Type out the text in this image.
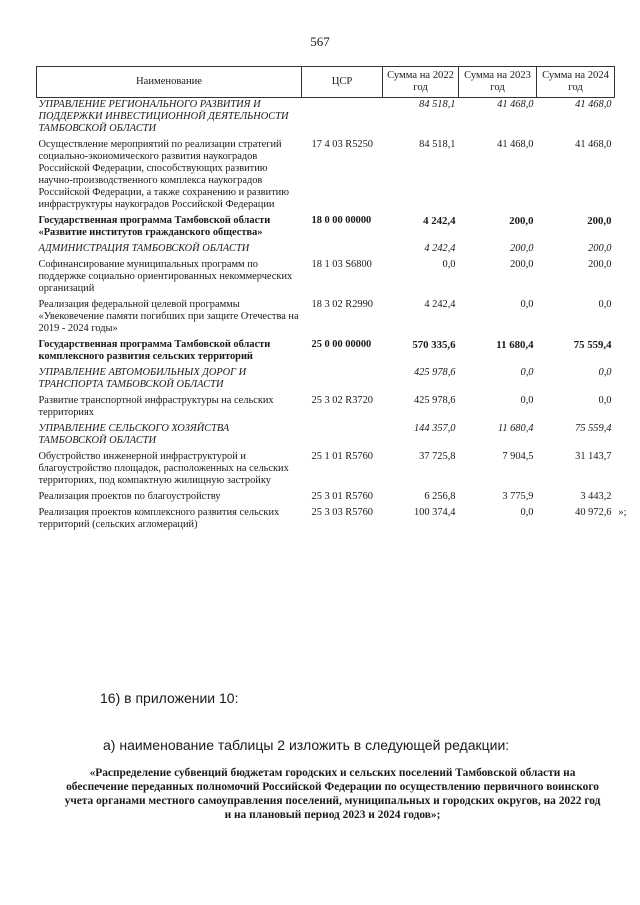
567
Наименование	ЦСР	Сумма на 2022 год	Сумма на 2023 год	Сумма на 2024 год
УПРАВЛЕНИЕ РЕГИОНАЛЬНОГО РАЗВИТИЯ И ПОДДЕРЖКИ ИНВЕСТИЦИОННОЙ ДЕЯТЕЛЬНОСТИ ТАМБОВСКОЙ ОБЛАСТИ		84 518,1	41 468,0	41 468,0
Осуществление мероприятий по реализации стратегий социально-экономического развития наукоградов Российской Федерации, способствующих развитию научно-производственного комплекса наукоградов Российской Федерации, а также сохранению и развитию инфраструктуры наукоградов Российской Федерации	17 4 03 R5250	84 518,1	41 468,0	41 468,0
Государственная программа Тамбовской области «Развитие институтов гражданского общества»	18 0 00 00000	4 242,4	200,0	200,0
АДМИНИСТРАЦИЯ ТАМБОВСКОЙ ОБЛАСТИ		4 242,4	200,0	200,0
Софинансирование муниципальных программ по поддержке социально ориентированных некоммерческих организаций	18 1 03 S6800	0,0	200,0	200,0
Реализация федеральной целевой программы «Увековечение памяти погибших при защите Отечества на 2019 - 2024 годы»	18 3 02 R2990	4 242,4	0,0	0,0
Государственная программа Тамбовской области комплексного развития сельских территорий	25 0 00 00000	570 335,6	11 680,4	75 559,4
УПРАВЛЕНИЕ АВТОМОБИЛЬНЫХ ДОРОГ И ТРАНСПОРТА ТАМБОВСКОЙ ОБЛАСТИ		425 978,6	0,0	0,0
Развитие транспортной инфраструктуры на сельских территориях	25 3 02 R3720	425 978,6	0,0	0,0
УПРАВЛЕНИЕ СЕЛЬСКОГО ХОЗЯЙСТВА ТАМБОВСКОЙ ОБЛАСТИ		144 357,0	11 680,4	75 559,4
Обустройство инженерной инфраструктурой и благоустройство площадок, расположенных на сельских территориях, под компактную жилищную застройку	25 1 01 R5760	37 725,8	7 904,5	31 143,7
Реализация проектов по благоустройству	25 3 01 R5760	6 256,8	3 775,9	3 443,2
Реализация проектов комплексного развития сельских территорий (сельских агломераций)	25 3 03 R5760	100 374,4	0,0	40 972,6 »;
16) в приложении 10:
а) наименование таблицы 2 изложить в следующей редакции:
«Распределение субвенций бюджетам городских и сельских поселений Тамбовской области на обеспечение переданных полномочий Российской Федерации по осуществлению первичного воинского учета органами местного самоуправления поселений, муниципальных и городских округов, на 2022 год и на плановый период 2023 и 2024 годов»;
